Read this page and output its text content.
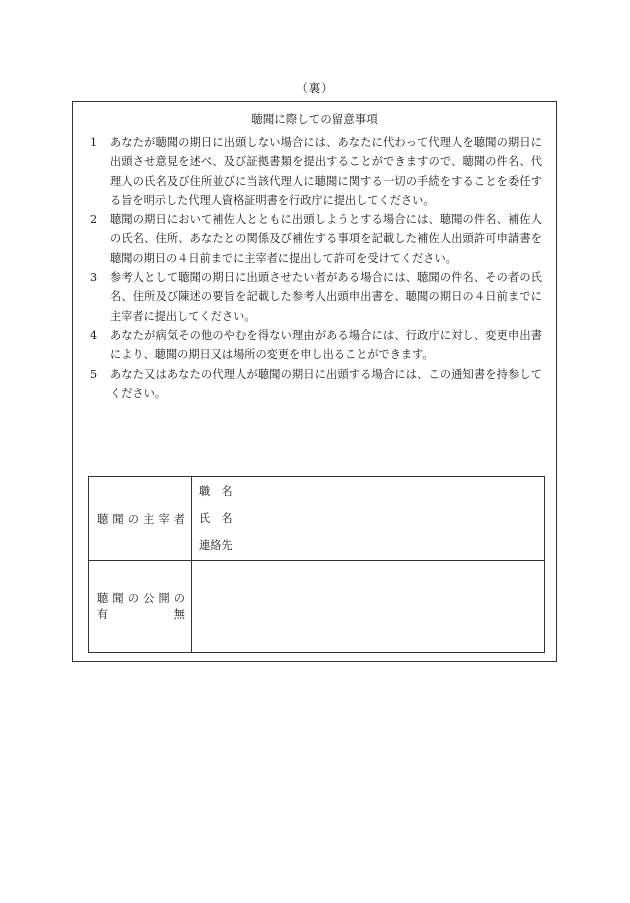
（裏）
聴聞に際しての留意事項
1 あなたが聴聞の期日に出頭しない場合には、あなたに代わって代理人を聴聞の期日に出頭させ意見を述べ、及び証拠書類を提出することができますので、聴聞の件名、代理人の氏名及び住所並びに当該代理人に聴聞に関する一切の手続をすることを委任する旨を明示した代理人資格証明書を行政庁に提出してください。
2 聴聞の期日において補佐人とともに出頭しようとする場合には、聴聞の件名、補佐人の氏名、住所、あなたとの関係及び補佐する事項を記載した補佐人出頭許可申請書を聴聞の期日の４日前までに主宰者に提出して許可を受けてください。
3 参考人として聴聞の期日に出頭させたい者がある場合には、聴聞の件名、その者の氏名、住所及び陳述の要旨を記載した参考人出頭申出書を、聴聞の期日の４日前までに主宰者に提出してください。
4 あなたが病気その他のやむを得ない理由がある場合には、行政庁に対し、変更申出書により、聴聞の期日又は場所の変更を申し出ることができます。
5 あなた又はあなたの代理人が聴聞の期日に出頭する場合には、この通知書を持参してください。
聴聞の主宰者	職　名
氏　名
連絡先

聴聞の公開の
有無	
